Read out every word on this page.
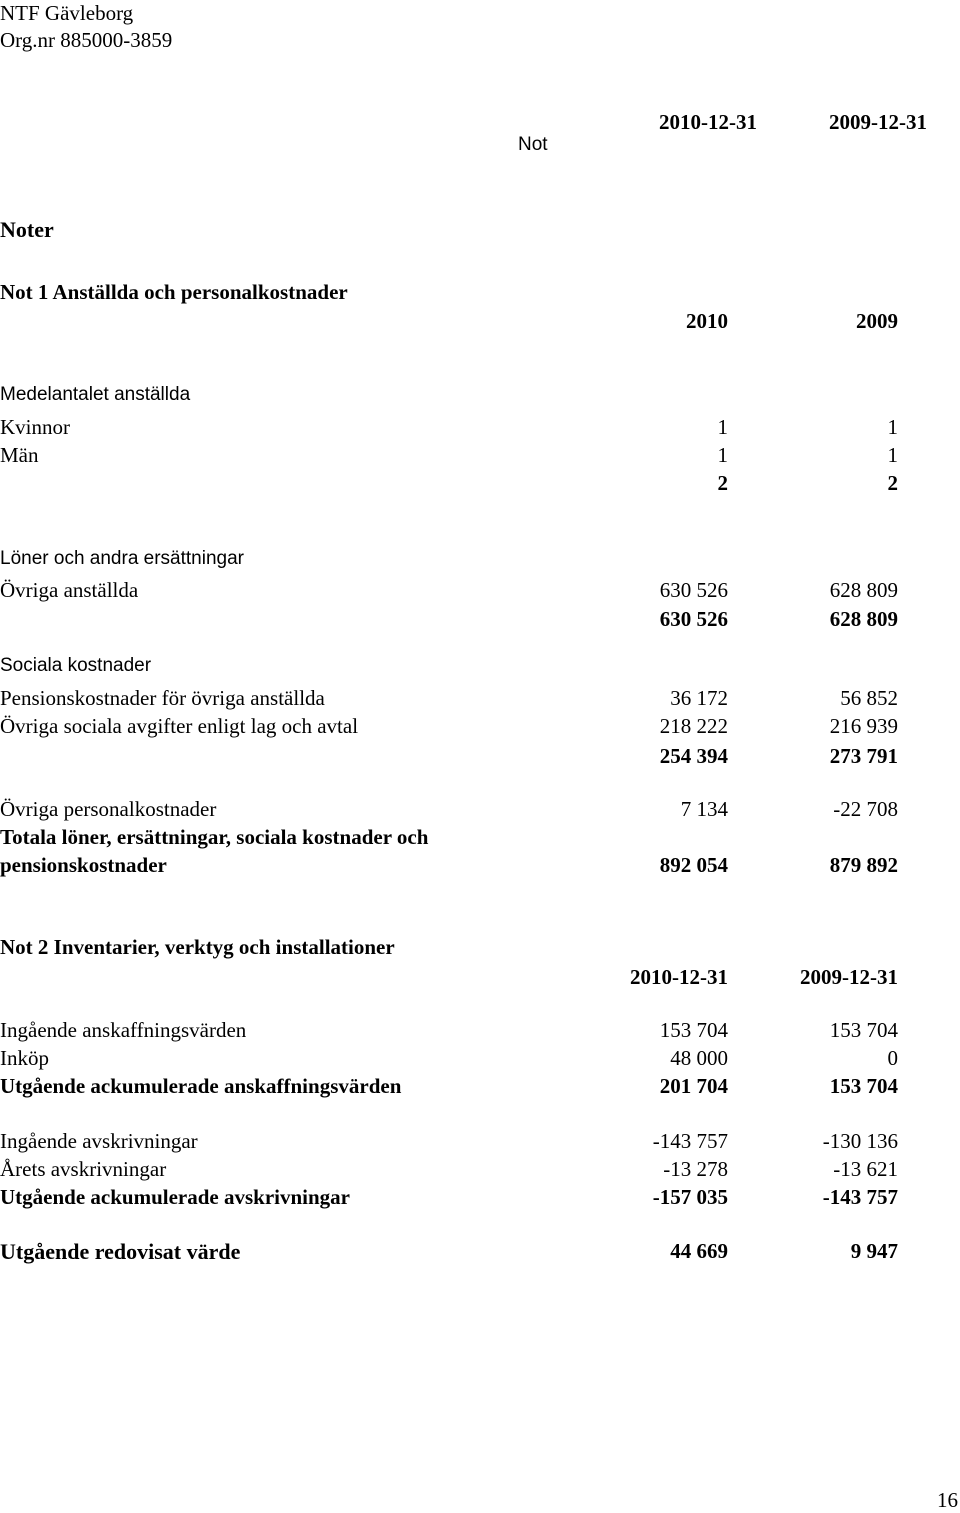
NTF Gävleborg
Org.nr 885000-3859
2010-12-31	2009-12-31
Not
Noter
Not 1 Anställda och personalkostnader
2010	2009
Medelantalet anställda
Kvinnor	1	1
Män	1	1
2	2
Löner och andra ersättningar
Övriga anställda	630 526	628 809
630 526	628 809
Sociala kostnader
Pensionskostnader för övriga anställda	36 172	56 852
Övriga sociala avgifter enligt lag och avtal	218 222	216 939
254 394	273 791
Övriga personalkostnader	7 134	-22 708
Totala löner, ersättningar, sociala kostnader och
pensionskostnader	892 054	879 892
Not 2 Inventarier, verktyg och installationer
2010-12-31	2009-12-31
Ingående anskaffningsvärden	153 704	153 704
Inköp	48 000	0
Utgående ackumulerade anskaffningsvärden	201 704	153 704
Ingående avskrivningar	-143 757	-130 136
Årets avskrivningar	-13 278	-13 621
Utgående ackumulerade avskrivningar	-157 035	-143 757
Utgående redovisat värde	44 669	9 947
16
